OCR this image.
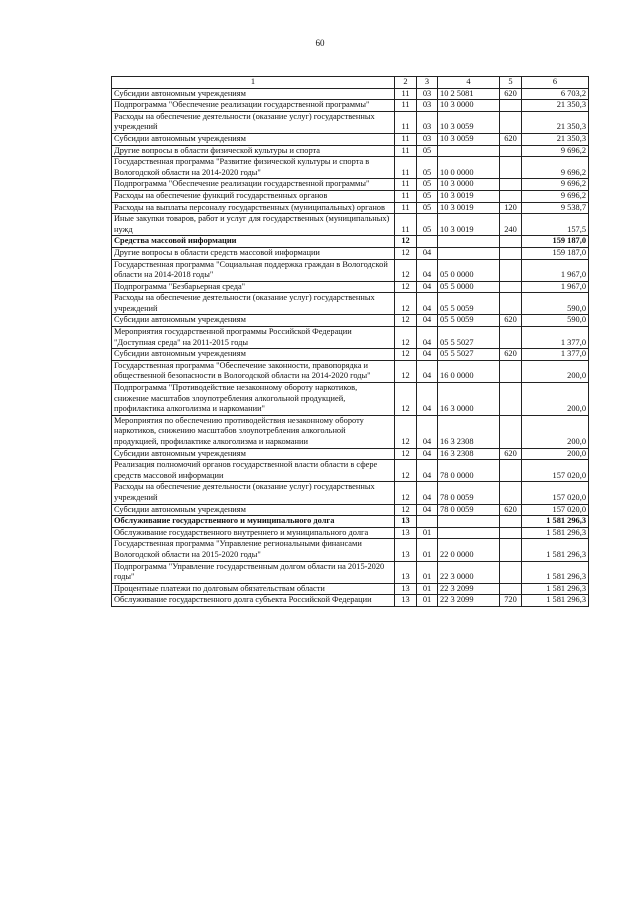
60
1	2	3	4	5	6
Субсидии автономным учреждениям	11	03	10 2 5081	620	6 703,2
Подпрограмма "Обеспечение реализации государственной программы"	11	03	10 3 0000		21 350,3
Расходы на обеспечение деятельности (оказание услуг) государственных учреждений	11	03	10 3 0059		21 350,3
Субсидии автономным учреждениям	11	03	10 3 0059	620	21 350,3
Другие вопросы в области физической культуры и спорта	11	05			9 696,2
Государственная программа "Развитие физической культуры и спорта в Вологодской области на 2014-2020 годы"	11	05	10 0 0000		9 696,2
Подпрограмма "Обеспечение реализации государственной программы"	11	05	10 3 0000		9 696,2
Расходы на обеспечение функций государственных органов	11	05	10 3 0019		9 696,2
Расходы на выплаты персоналу государственных (муниципальных) органов	11	05	10 3 0019	120	9 538,7
Иные закупки товаров, работ и услуг для государственных (муниципальных) нужд	11	05	10 3 0019	240	157,5
Средства массовой информации	12				159 187,0
Другие вопросы в области средств массовой информации	12	04			159 187,0
Государственная программа "Социальная поддержка граждан в Вологодской области на 2014-2018 годы"	12	04	05 0 0000		1 967,0
Подпрограмма "Безбарьерная среда"	12	04	05 5 0000		1 967,0
Расходы на обеспечение деятельности (оказание услуг) государственных учреждений	12	04	05 5 0059		590,0
Субсидии автономным учреждениям	12	04	05 5 0059	620	590,0
Мероприятия государственной программы Российской Федерации "Доступная среда" на 2011-2015 годы	12	04	05 5 5027		1 377,0
Субсидии автономным учреждениям	12	04	05 5 5027	620	1 377,0
Государственная программа "Обеспечение законности, правопорядка и общественной безопасности в Вологодской области на 2014-2020 годы"	12	04	16 0 0000		200,0
Подпрограмма "Противодействие незаконному обороту наркотиков, снижение масштабов злоупотребления алкогольной продукцией, профилактика алкоголизма и наркомании"	12	04	16 3 0000		200,0
Мероприятия по обеспечению противодействия незаконному обороту наркотиков, снижению масштабов злоупотребления алкогольной продукцией, профилактике алкоголизма и наркомании	12	04	16 3 2308		200,0
Субсидии автономным учреждениям	12	04	16 3 2308	620	200,0
Реализация полномочий органов государственной власти области в сфере средств массовой информации	12	04	78 0 0000		157 020,0
Расходы на обеспечение деятельности (оказание услуг) государственных учреждений	12	04	78 0 0059		157 020,0
Субсидии автономным учреждениям	12	04	78 0 0059	620	157 020,0
Обслуживание государственного и муниципального долга	13				1 581 296,3
Обслуживание государственного внутреннего и муниципального долга	13	01			1 581 296,3
Государственная программа "Управление региональными финансами Вологодской области на 2015-2020 годы"	13	01	22 0 0000		1 581 296,3
Подпрограмма "Управление государственным долгом области на 2015-2020 годы"	13	01	22 3 0000		1 581 296,3
Процентные платежи по долговым обязательствам области	13	01	22 3 2099		1 581 296,3
Обслуживание государственного долга субъекта Российской Федерации	13	01	22 3 2099	720	1 581 296,3
